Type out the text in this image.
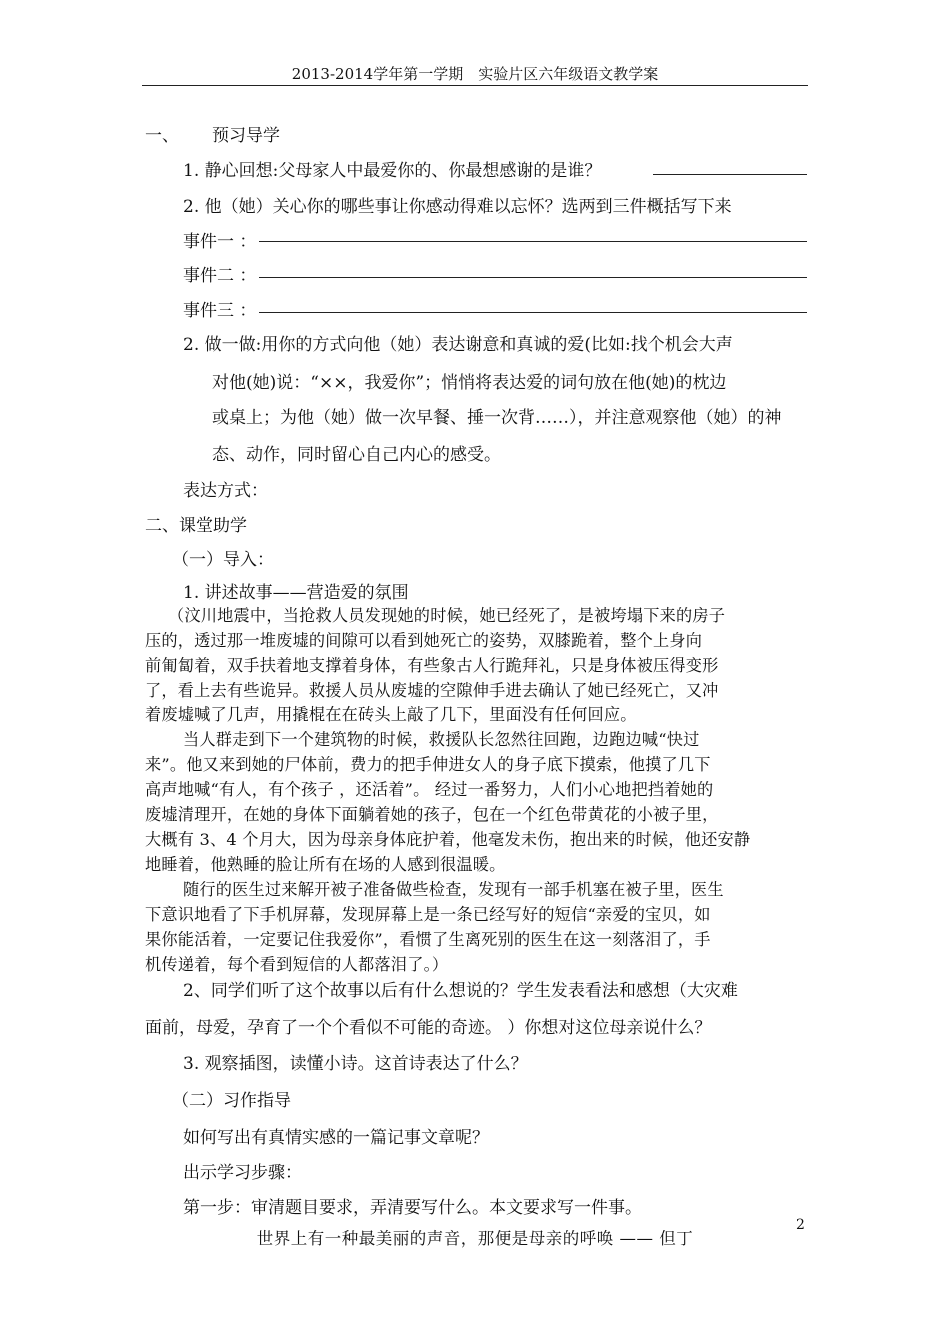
2013-2014学年第一学期　实验片区六年级语文教学案
一、 预习导学
1. 静心回想:父母家人中最爱你的、你最想感谢的是谁？
2. 他（她）关心你的哪些事让你感动得难以忘怀？选两到三件概括写下来
事件一 ：
事件二 ：
事件三 ：
2. 做一做:用你的方式向他（她）表达谢意和真诚的爱(比如:找个机会大声
对他(她)说：“××，我爱你”；悄悄将表达爱的词句放在他(她)的枕边
或桌上；为他（她）做一次早餐、捶一次背……），并注意观察他（她）的神
态、动作，同时留心自己内心的感受。
表达方式：
二、课堂助学
（一）导入：
1. 讲述故事——营造爱的氛围
（汶川地震中，当抢救人员发现她的时候，她已经死了，是被垮塌下来的房子
压的，透过那一堆废墟的间隙可以看到她死亡的姿势，双膝跪着，整个上身向
前匍匐着，双手扶着地支撑着身体，有些象古人行跪拜礼，只是身体被压得变形
了，看上去有些诡异。救援人员从废墟的空隙伸手进去确认了她已经死亡，又冲
着废墟喊了几声，用撬棍在在砖头上敲了几下，里面没有任何回应。
当人群走到下一个建筑物的时候，救援队长忽然往回跑，边跑边喊“快过
来”。他又来到她的尸体前，费力的把手伸进女人的身子底下摸索，他摸了几下
高声地喊“有人，有个孩子 ，还活着”。 经过一番努力，人们小心地把挡着她的
废墟清理开，在她的身体下面躺着她的孩子，包在一个红色带黄花的小被子里，
大概有 3、4 个月大，因为母亲身体庇护着，他毫发未伤，抱出来的时候，他还安静
地睡着，他熟睡的脸让所有在场的人感到很温暖。
随行的医生过来解开被子准备做些检查，发现有一部手机塞在被子里，医生
下意识地看了下手机屏幕，发现屏幕上是一条已经写好的短信“亲爱的宝贝，如
果你能活着，一定要记住我爱你”，看惯了生离死别的医生在这一刻落泪了，手
机传递着，每个看到短信的人都落泪了。）
2、同学们听了这个故事以后有什么想说的？学生发表看法和感想（大灾难
面前，母爱，孕育了一个个看似不可能的奇迹。 ）你想对这位母亲说什么？
3. 观察插图，读懂小诗。这首诗表达了什么？
（二）习作指导
如何写出有真情实感的一篇记事文章呢？
出示学习步骤：
第一步：审清题目要求，弄清要写什么。本文要求写一件事。
世界上有一种最美丽的声音，那便是母亲的呼唤 —— 但丁
2
